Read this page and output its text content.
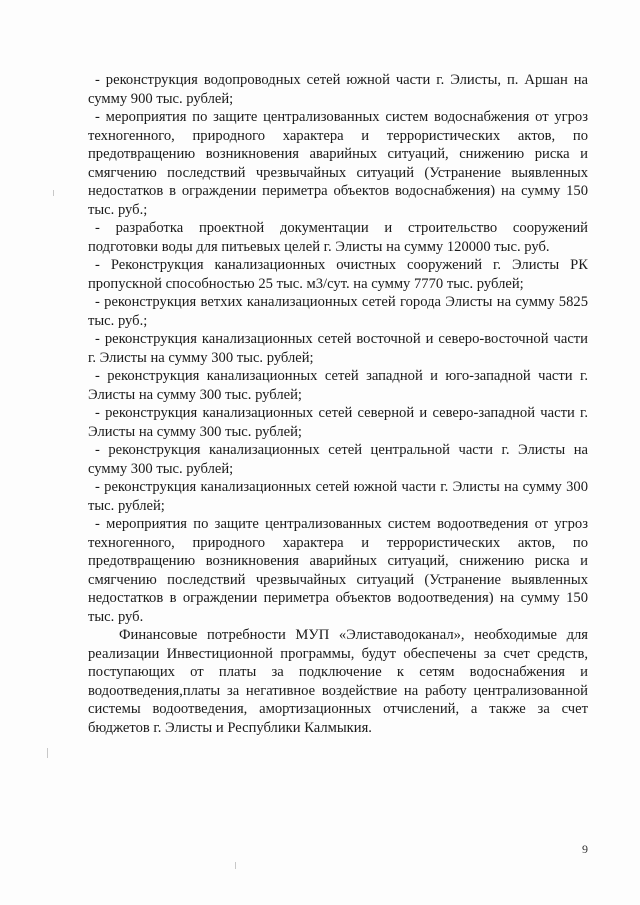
- реконструкция водопроводных сетей южной части г. Элисты, п. Аршан на сумму 900 тыс. рублей;

- мероприятия по защите централизованных систем водоснабжения от угроз техногенного, природного характера и террористических актов, по предотвращению возникновения аварийных ситуаций, снижению риска и смягчению последствий чрезвычайных ситуаций (Устранение выявленных недостатков в ограждении периметра объектов водоснабжения) на сумму 150 тыс. руб.;

- разработка проектной документации и строительство сооружений подготовки воды для питьевых целей г. Элисты на сумму 120000 тыс. руб.

- Реконструкция канализационных очистных сооружений г. Элисты РК пропускной способностью 25 тыс. м3/сут. на сумму 7770 тыс. рублей;

- реконструкция ветхих канализационных сетей города Элисты на сумму 5825 тыс. руб.;

- реконструкция канализационных сетей восточной и северо-восточной части г. Элисты на сумму 300 тыс. рублей;

- реконструкция канализационных сетей западной и юго-западной части г. Элисты на сумму 300 тыс. рублей;

- реконструкция канализационных сетей северной и северо-западной части г. Элисты на сумму 300 тыс. рублей;

- реконструкция канализационных сетей центральной части г. Элисты на сумму 300 тыс. рублей;

- реконструкция канализационных сетей южной части г. Элисты на сумму 300 тыс. рублей;

- мероприятия по защите централизованных систем водоотведения от угроз техногенного, природного характера и террористических актов, по предотвращению возникновения аварийных ситуаций, снижению риска и смягчению последствий чрезвычайных ситуаций (Устранение выявленных недостатков в ограждении периметра объектов водоотведения) на сумму 150 тыс. руб.

Финансовые потребности МУП «Элиставодоканал», необходимые для реализации Инвестиционной программы, будут обеспечены за счет средств, поступающих от платы за подключение к сетям водоснабжения и водоотведения,платы за негативное воздействие на работу централизованной системы водоотведения, амортизационных отчислений, а также за счет бюджетов г. Элисты и Республики Калмыкия.

9
